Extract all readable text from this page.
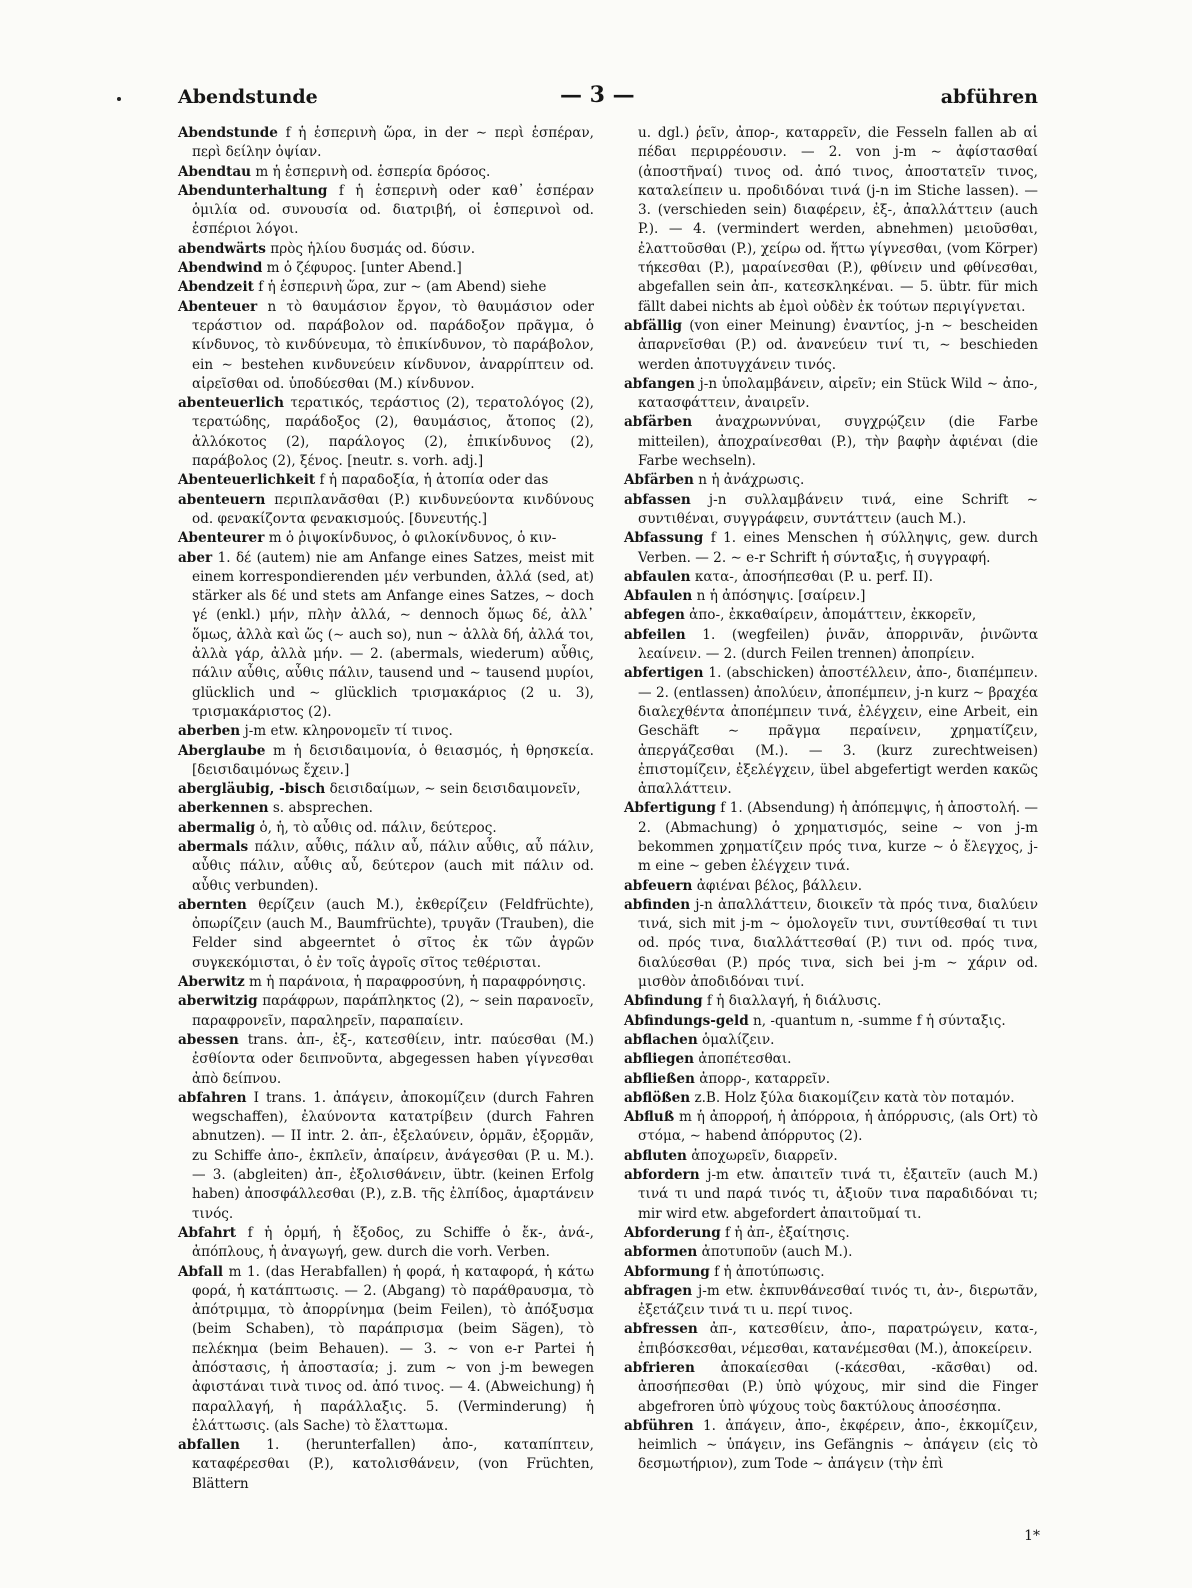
Abendstunde	— 3 —	abführen

Abendstunde f ἡ ἑσπερινὴ ὥρα, in der ∼ περὶ ἑσπέραν, περὶ δείλην ὀψίαν.

Abendtau m ἡ ἑσπερινὴ od. ἑσπερία δρόσος.

Abendunterhaltung f ἡ ἑσπερινὴ oder καθ᾽ ἑσπέραν ὁμιλία od. συνουσία od. διατριβή, οἱ ἑσπερινοὶ od. ἑσπέριοι λόγοι.

abendwärts πρὸς ἡλίου δυσμάς od. δύσιν.

Abendwind m ὁ ζέφυρος. [unter Abend.]

Abendzeit f ἡ ἑσπερινὴ ὥρα, zur ∼ (am Abend) siehe

Abenteuer n τὸ θαυμάσιον ἔργον, τὸ θαυμάσιον oder τεράστιον od. παράβολον od. παράδοξον πρᾶγμα, ὁ κίνδυνος, τὸ κινδύνευμα, τὸ ἐπικίνδυνον, τὸ παράβολον, ein ∼ bestehen κινδυνεύειν κίνδυνον, ἀναρρίπτειν od. αἱρεῖσθαι od. ὑποδύεσθαι (M.) κίνδυνον.

abenteuerlich τερατικός, τεράστιος (2), τερατολόγος (2), τερατώδης, παράδοξος (2), θαυμάσιος, ἄτοπος (2), ἀλλόκοτος (2), παράλογος (2), ἐπικίνδυνος (2), παράβολος (2), ξένος. [neutr. s. vorh. adj.]

Abenteuerlichkeit f ἡ παραδοξία, ἡ ἀτοπία oder das

abenteuern περιπλανᾶσθαι (P.) κινδυνεύοντα κινδύνους od. φενακίζοντα φενακισμούς. [δυνευτής.]

Abenteurer m ὁ ῥιψοκίνδυνος, ὁ φιλοκίνδυνος, ὁ κιν-

aber 1. δέ (autem) nie am Anfange eines Satzes, meist mit einem korrespondierenden μέν verbunden, ἀλλά (sed, at) stärker als δέ und stets am Anfange eines Satzes, ∼ doch γέ (enkl.) μήν, πλὴν ἀλλά, ∼ dennoch ὅμως δέ, ἀλλ᾽ ὅμως, ἀλλὰ καὶ ὥς (∼ auch so), nun ∼ ἀλλὰ δή, ἀλλά τοι, ἀλλὰ γάρ, ἀλλὰ μήν. — 2. (abermals, wiederum) αὖθις, πάλιν αὖθις, αὖθις πάλιν, tausend und ∼ tausend μυρίοι, glücklich und ∼ glücklich τρισμακάριος (2 u. 3), τρισμακάριστος (2).

aberben j-m etw. κληρονομεῖν τί τινος.

Aberglaube m ἡ δεισιδαιμονία, ὁ θειασμός, ἡ θρησκεία. [δεισιδαιμόνως ἔχειν.]

abergläubig, -bisch δεισιδαίμων, ∼ sein δεισιδαιμονεῖν,

aberkennen s. absprechen.

abermalig ὁ, ἡ, τὸ αὖθις od. πάλιν, δεύτερος.

abermals πάλιν, αὖθις, πάλιν αὖ, πάλιν αὖθις, αὖ πάλιν, αὖθις πάλιν, αὖθις αὖ, δεύτερον (auch mit πάλιν od. αὖθις verbunden).

abernten θερίζειν (auch M.), ἐκθερίζειν (Feldfrüchte), ὀπωρίζειν (auch M., Baumfrüchte), τρυγᾶν (Trauben), die Felder sind abgeerntet ὁ σῖτος ἐκ τῶν ἀγρῶν συγκεκόμισται, ὁ ἐν τοῖς ἀγροῖς σῖτος τεθέρισται.

Aberwitz m ἡ παράνοια, ἡ παραφροσύνη, ἡ παραφρόνησις.

aberwitzig παράφρων, παράπληκτος (2), ∼ sein παρανοεῖν, παραφρονεῖν, παραληρεῖν, παραπαίειν.

abessen trans. ἀπ-, ἐξ-, κατεσθίειν, intr. παύεσθαι (M.) ἐσθίοντα oder δειπνοῦντα, abgegessen haben γίγνεσθαι ἀπὸ δείπνου.

abfahren I trans. 1. ἀπάγειν, ἀποκομίζειν (durch Fahren wegschaffen), ἐλαύνοντα κατατρίβειν (durch Fahren abnutzen). — II intr. 2. ἀπ-, ἐξελαύνειν, ὁρμᾶν, ἐξορμᾶν, zu Schiffe ἀπο-, ἐκπλεῖν, ἀπαίρειν, ἀνάγεσθαι (P. u. M.). — 3. (abgleiten) ἀπ-, ἐξολισθάνειν, übtr. (keinen Erfolg haben) ἀποσφάλλεσθαι (P.), z.B. τῆς ἐλπίδος, ἁμαρτάνειν τινός.

Abfahrt f ἡ ὁρμή, ἡ ἔξοδος, zu Schiffe ὁ ἔκ-, ἀνά-, ἀπόπλους, ἡ ἀναγωγή, gew. durch die vorh. Verben.

Abfall m 1. (das Herabfallen) ἡ φορά, ἡ καταφορά, ἡ κάτω φορά, ἡ κατάπτωσις. — 2. (Abgang) τὸ παράθραυσμα, τὸ ἀπότριμμα, τὸ ἀπορρίνημα (beim Feilen), τὸ ἀπόξυσμα (beim Schaben), τὸ παράπρισμα (beim Sägen), τὸ πελέκημα (beim Behauen). — 3. ∼ von e-r Partei ἡ ἀπόστασις, ἡ ἀποστασία; j. zum ∼ von j-m bewegen ἀφιστάναι τινὰ τινος od. ἀπό τινος. — 4. (Abweichung) ἡ παραλλαγή, ἡ παράλλαξις. 5. (Verminderung) ἡ ἐλάττωσις. (als Sache) τὸ ἔλαττωμα.

abfallen 1. (herunterfallen) ἀπο-, καταπίπτειν, καταφέρεσθαι (P.), κατολισθάνειν, (von Früchten, Blättern

u. dgl.) ῥεῖν, ἀπορ-, καταρρεῖν, die Fesseln fallen ab αἱ πέδαι περιρρέουσιν. — 2. von j-m ∼ ἀφίστασθαί (ἀποστῆναί) τινος od. ἀπό τινος, ἀποστατεῖν τινος, καταλείπειν u. προδιδόναι τινά (j-n im Stiche lassen). — 3. (verschieden sein) διαφέρειν, ἐξ-, ἀπαλλάττειν (auch P.). — 4. (vermindert werden, abnehmen) μειοῦσθαι, ἐλαττοῦσθαι (P.), χείρω od. ἥττω γίγνεσθαι, (vom Körper) τήκεσθαι (P.), μαραίνεσθαι (P.), φθίνειν und φθίνεσθαι, abgefallen sein ἀπ-, κατεσκληκέναι. — 5. übtr. für mich fällt dabei nichts ab ἐμοὶ οὐδὲν ἐκ τούτων περιγίγνεται.

abfällig (von einer Meinung) ἐναντίος, j-n ∼ bescheiden ἀπαρνεῖσθαι (P.) od. ἀνανεύειν τινί τι, ∼ beschieden werden ἀποτυγχάνειν τινός.

abfangen j-n ὑπολαμβάνειν, αἱρεῖν; ein Stück Wild ∼ ἀπο-, κατασφάττειν, ἀναιρεῖν.

abfärben ἀναχρωννύναι, συγχρῴζειν (die Farbe mitteilen), ἀποχραίνεσθαι (P.), τὴν βαφὴν ἀφιέναι (die Farbe wechseln).

Abfärben n ἡ ἀνάχρωσις.

abfassen j-n συλλαμβάνειν τινά, eine Schrift ∼ συντιθέναι, συγγράφειν, συντάττειν (auch M.).

Abfassung f 1. eines Menschen ἡ σύλληψις, gew. durch Verben. — 2. ∼ e-r Schrift ἡ σύνταξις, ἡ συγγραφή.

abfaulen κατα-, ἀποσήπεσθαι (P. u. perf. II).

Abfaulen n ἡ ἀπόσηψις. [σαίρειν.]

abfegen ἀπο-, ἐκκαθαίρειν, ἀπομάττειν, ἐκκορεῖν,

abfeilen 1. (wegfeilen) ῥινᾶν, ἀπορρινᾶν, ῥινῶντα λεαίνειν. — 2. (durch Feilen trennen) ἀποπρίειν.

abfertigen 1. (abschicken) ἀποστέλλειν, ἀπο-, διαπέμπειν. — 2. (entlassen) ἀπολύειν, ἀποπέμπειν, j-n kurz ∼ βραχέα διαλεχθέντα ἀποπέμπειν τινά, ἐλέγχειν, eine Arbeit, ein Geschäft ∼ πρᾶγμα περαίνειν, χρηματίζειν, ἀπεργάζεσθαι (M.). — 3. (kurz zurechtweisen) ἐπιστομίζειν, ἐξελέγχειν, übel abgefertigt werden κακῶς ἀπαλλάττειν.

Abfertigung f 1. (Absendung) ἡ ἀπόπεμψις, ἡ ἀποστολή. — 2. (Abmachung) ὁ χρηματισμός, seine ∼ von j-m bekommen χρηματίζειν πρός τινα, kurze ∼ ὁ ἔλεγχος, j-m eine ∼ geben ἐλέγχειν τινά.

abfeuern ἀφιέναι βέλος, βάλλειν.

abfinden j-n ἀπαλλάττειν, διοικεῖν τὰ πρός τινα, διαλύειν τινά, sich mit j-m ∼ ὁμολογεῖν τινι, συντίθεσθαί τι τινι od. πρός τινα, διαλλάττεσθαί (P.) τινι od. πρός τινα, διαλύεσθαι (P.) πρός τινα, sich bei j-m ∼ χάριν od. μισθὸν ἀποδιδόναι τινί.

Abfindung f ἡ διαλλαγή, ἡ διάλυσις.

Abfindungs-geld n, -quantum n, -summe f ἡ σύνταξις.

abflachen ὁμαλίζειν.

abfliegen ἀποπέτεσθαι.

abfließen ἀπορρ-, καταρρεῖν.

abflößen z.B. Holz ξύλα διακομίζειν κατὰ τὸν ποταμόν.

Abfluß m ἡ ἀπορροή, ἡ ἀπόρροια, ἡ ἀπόρρυσις, (als Ort) τὸ στόμα, ∼ habend ἀπόρρυτος (2).

abfluten ἀποχωρεῖν, διαρρεῖν.

abfordern j-m etw. ἀπαιτεῖν τινά τι, ἐξαιτεῖν (auch M.) τινά τι und παρά τινός τι, ἀξιοῦν τινα παραδιδόναι τι; mir wird etw. abgefordert ἀπαιτοῦμαί τι.

Abforderung f ἡ ἀπ-, ἐξαίτησις.

abformen ἀποτυποῦν (auch M.).

Abformung f ἡ ἀποτύπωσις.

abfragen j-m etw. ἐκπυνθάνεσθαί τινός τι, ἀν-, διερωτᾶν, ἐξετάζειν τινά τι u. περί τινος.

abfressen ἀπ-, κατεσθίειν, ἀπο-, παρατρώγειν, κατα-, ἐπιβόσκεσθαι, νέμεσθαι, κατανέμεσθαι (M.), ἀποκείρειν.

abfrieren ἀποκαίεσθαι (-κάεσθαι, -κᾶσθαι) od. ἀποσήπεσθαι (P.) ὑπὸ ψύχους, mir sind die Finger abgefroren ὑπὸ ψύχους τοὺς δακτύλους ἀποσέσηπα.

abführen 1. ἀπάγειν, ἀπο-, ἐκφέρειν, ἀπο-, ἐκκομίζειν, heimlich ∼ ὑπάγειν, ins Gefängnis ∼ ἀπάγειν (εἰς τὸ δεσμωτήριον), zum Tode ∼ ἀπάγειν (τὴν ἐπὶ

1*
